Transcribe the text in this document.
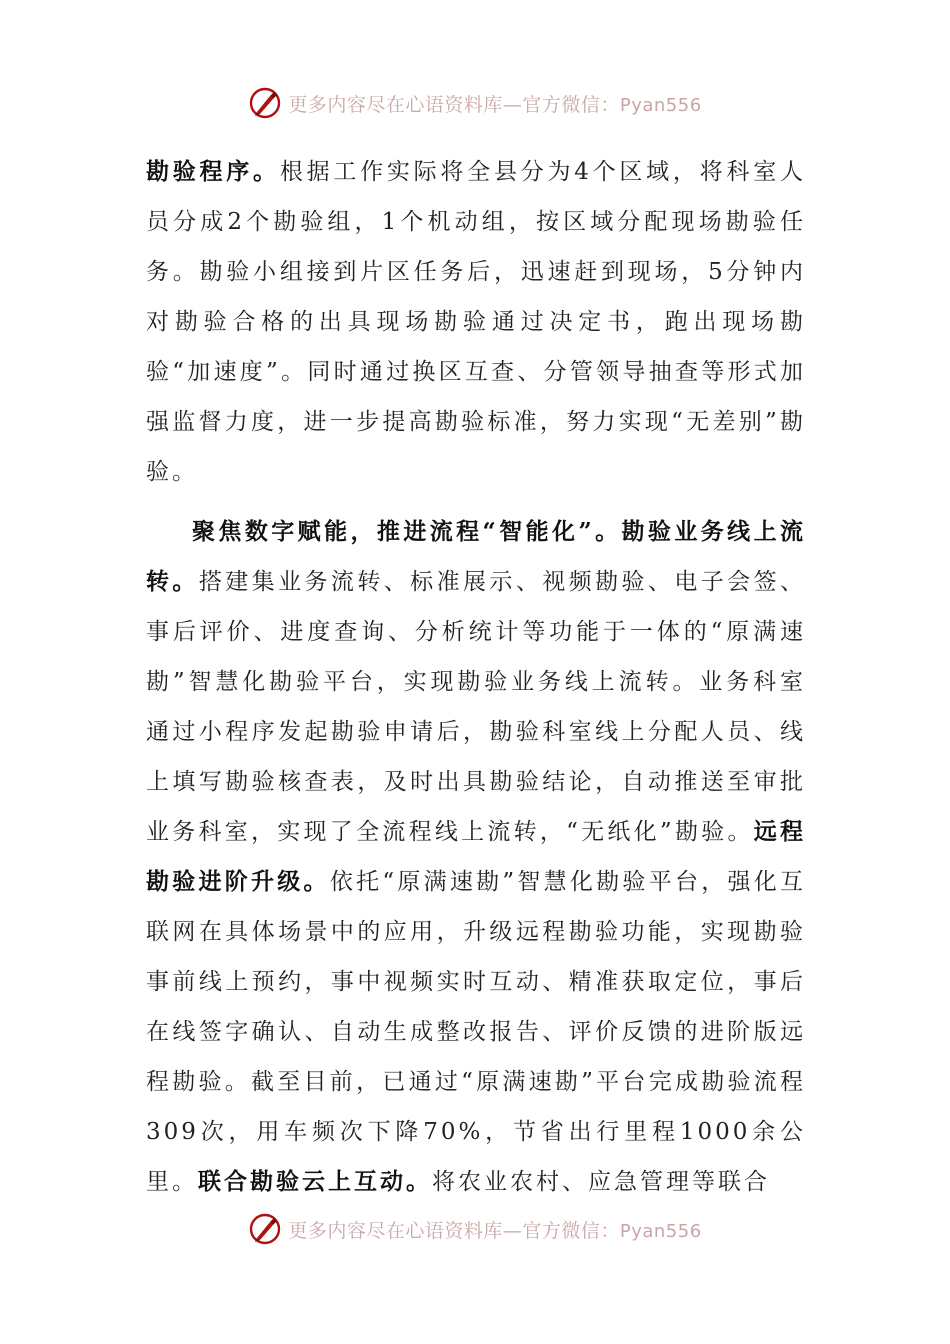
更多内容尽在心语资料库—官方微信：Pyan556

勘验程序。根据工作实际将全县分为4个区域，将科室人员分成2个勘验组，1个机动组，按区域分配现场勘验任务。勘验小组接到片区任务后，迅速赶到现场，5分钟内对勘验合格的出具现场勘验通过决定书，跑出现场勘验“加速度”。同时通过换区互查、分管领导抽查等形式加强监督力度，进一步提高勘验标准，努力实现“无差别”勘验。

聚焦数字赋能，推进流程“智能化”。勘验业务线上流转。搭建集业务流转、标准展示、视频勘验、电子会签、事后评价、进度查询、分析统计等功能于一体的“原满速勘”智慧化勘验平台，实现勘验业务线上流转。业务科室通过小程序发起勘验申请后，勘验科室线上分配人员、线上填写勘验核查表，及时出具勘验结论，自动推送至审批业务科室，实现了全流程线上流转，“无纸化”勘验。远程勘验进阶升级。依托“原满速勘”智慧化勘验平台，强化互联网在具体场景中的应用，升级远程勘验功能，实现勘验事前线上预约，事中视频实时互动、精准获取定位，事后在线签字确认、自动生成整改报告、评价反馈的进阶版远程勘验。截至目前，已通过“原满速勘”平台完成勘验流程309次，用车频次下降70%，节省出行里程1000余公里。联合勘验云上互动。将农业农村、应急管理等联合

更多内容尽在心语资料库—官方微信：Pyan556
